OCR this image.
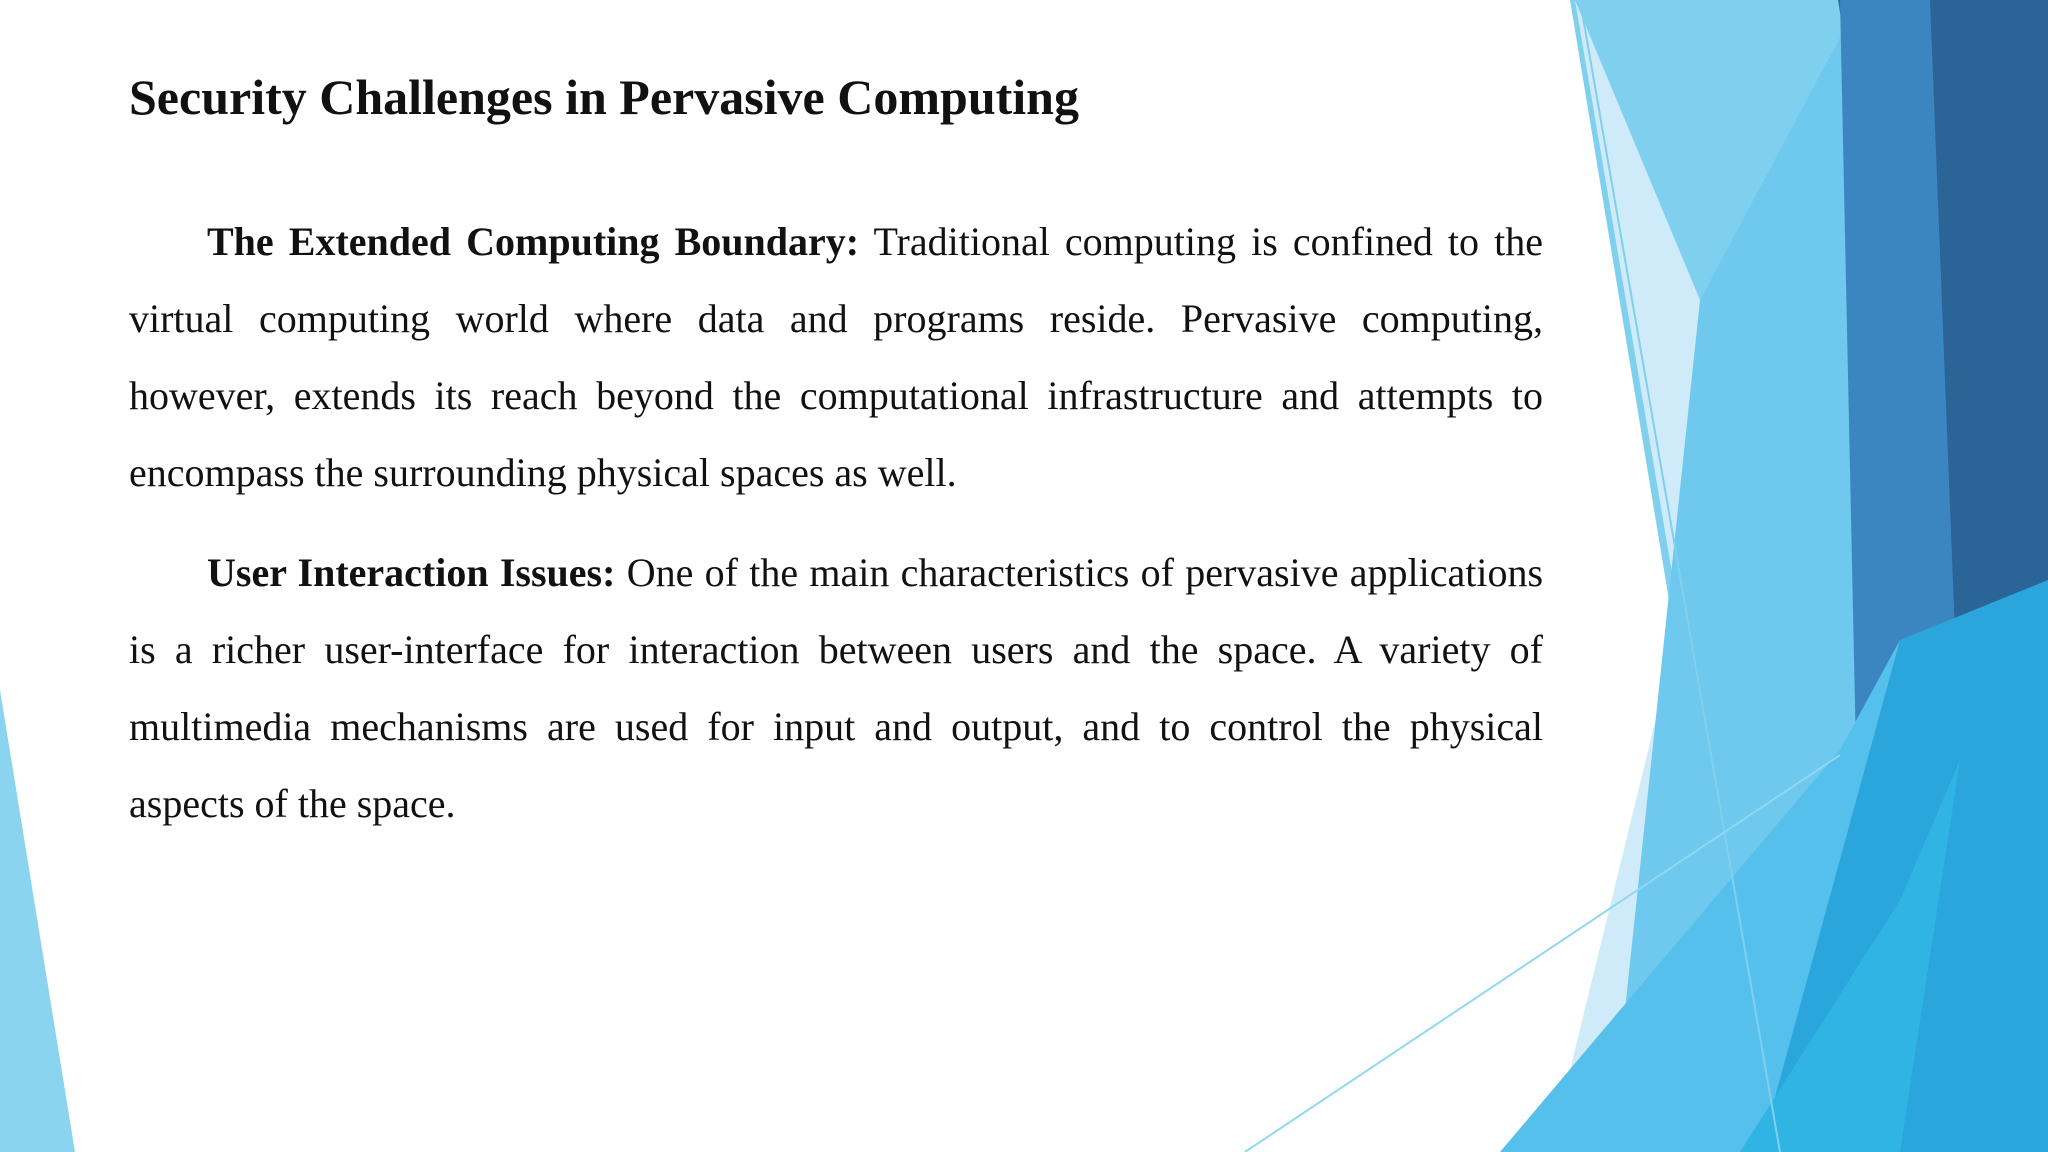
Security Challenges in Pervasive Computing

The Extended Computing Boundary: Traditional computing is confined to the virtual computing world where data and programs reside. Pervasive computing, however, extends its reach beyond the computational infrastructure and attempts to encompass the surrounding physical spaces as well.

User Interaction Issues: One of the main characteristics of pervasive applications is a richer user-interface for interaction between users and the space. A variety of multimedia mechanisms are used for input and output, and to control the physical aspects of the space.
